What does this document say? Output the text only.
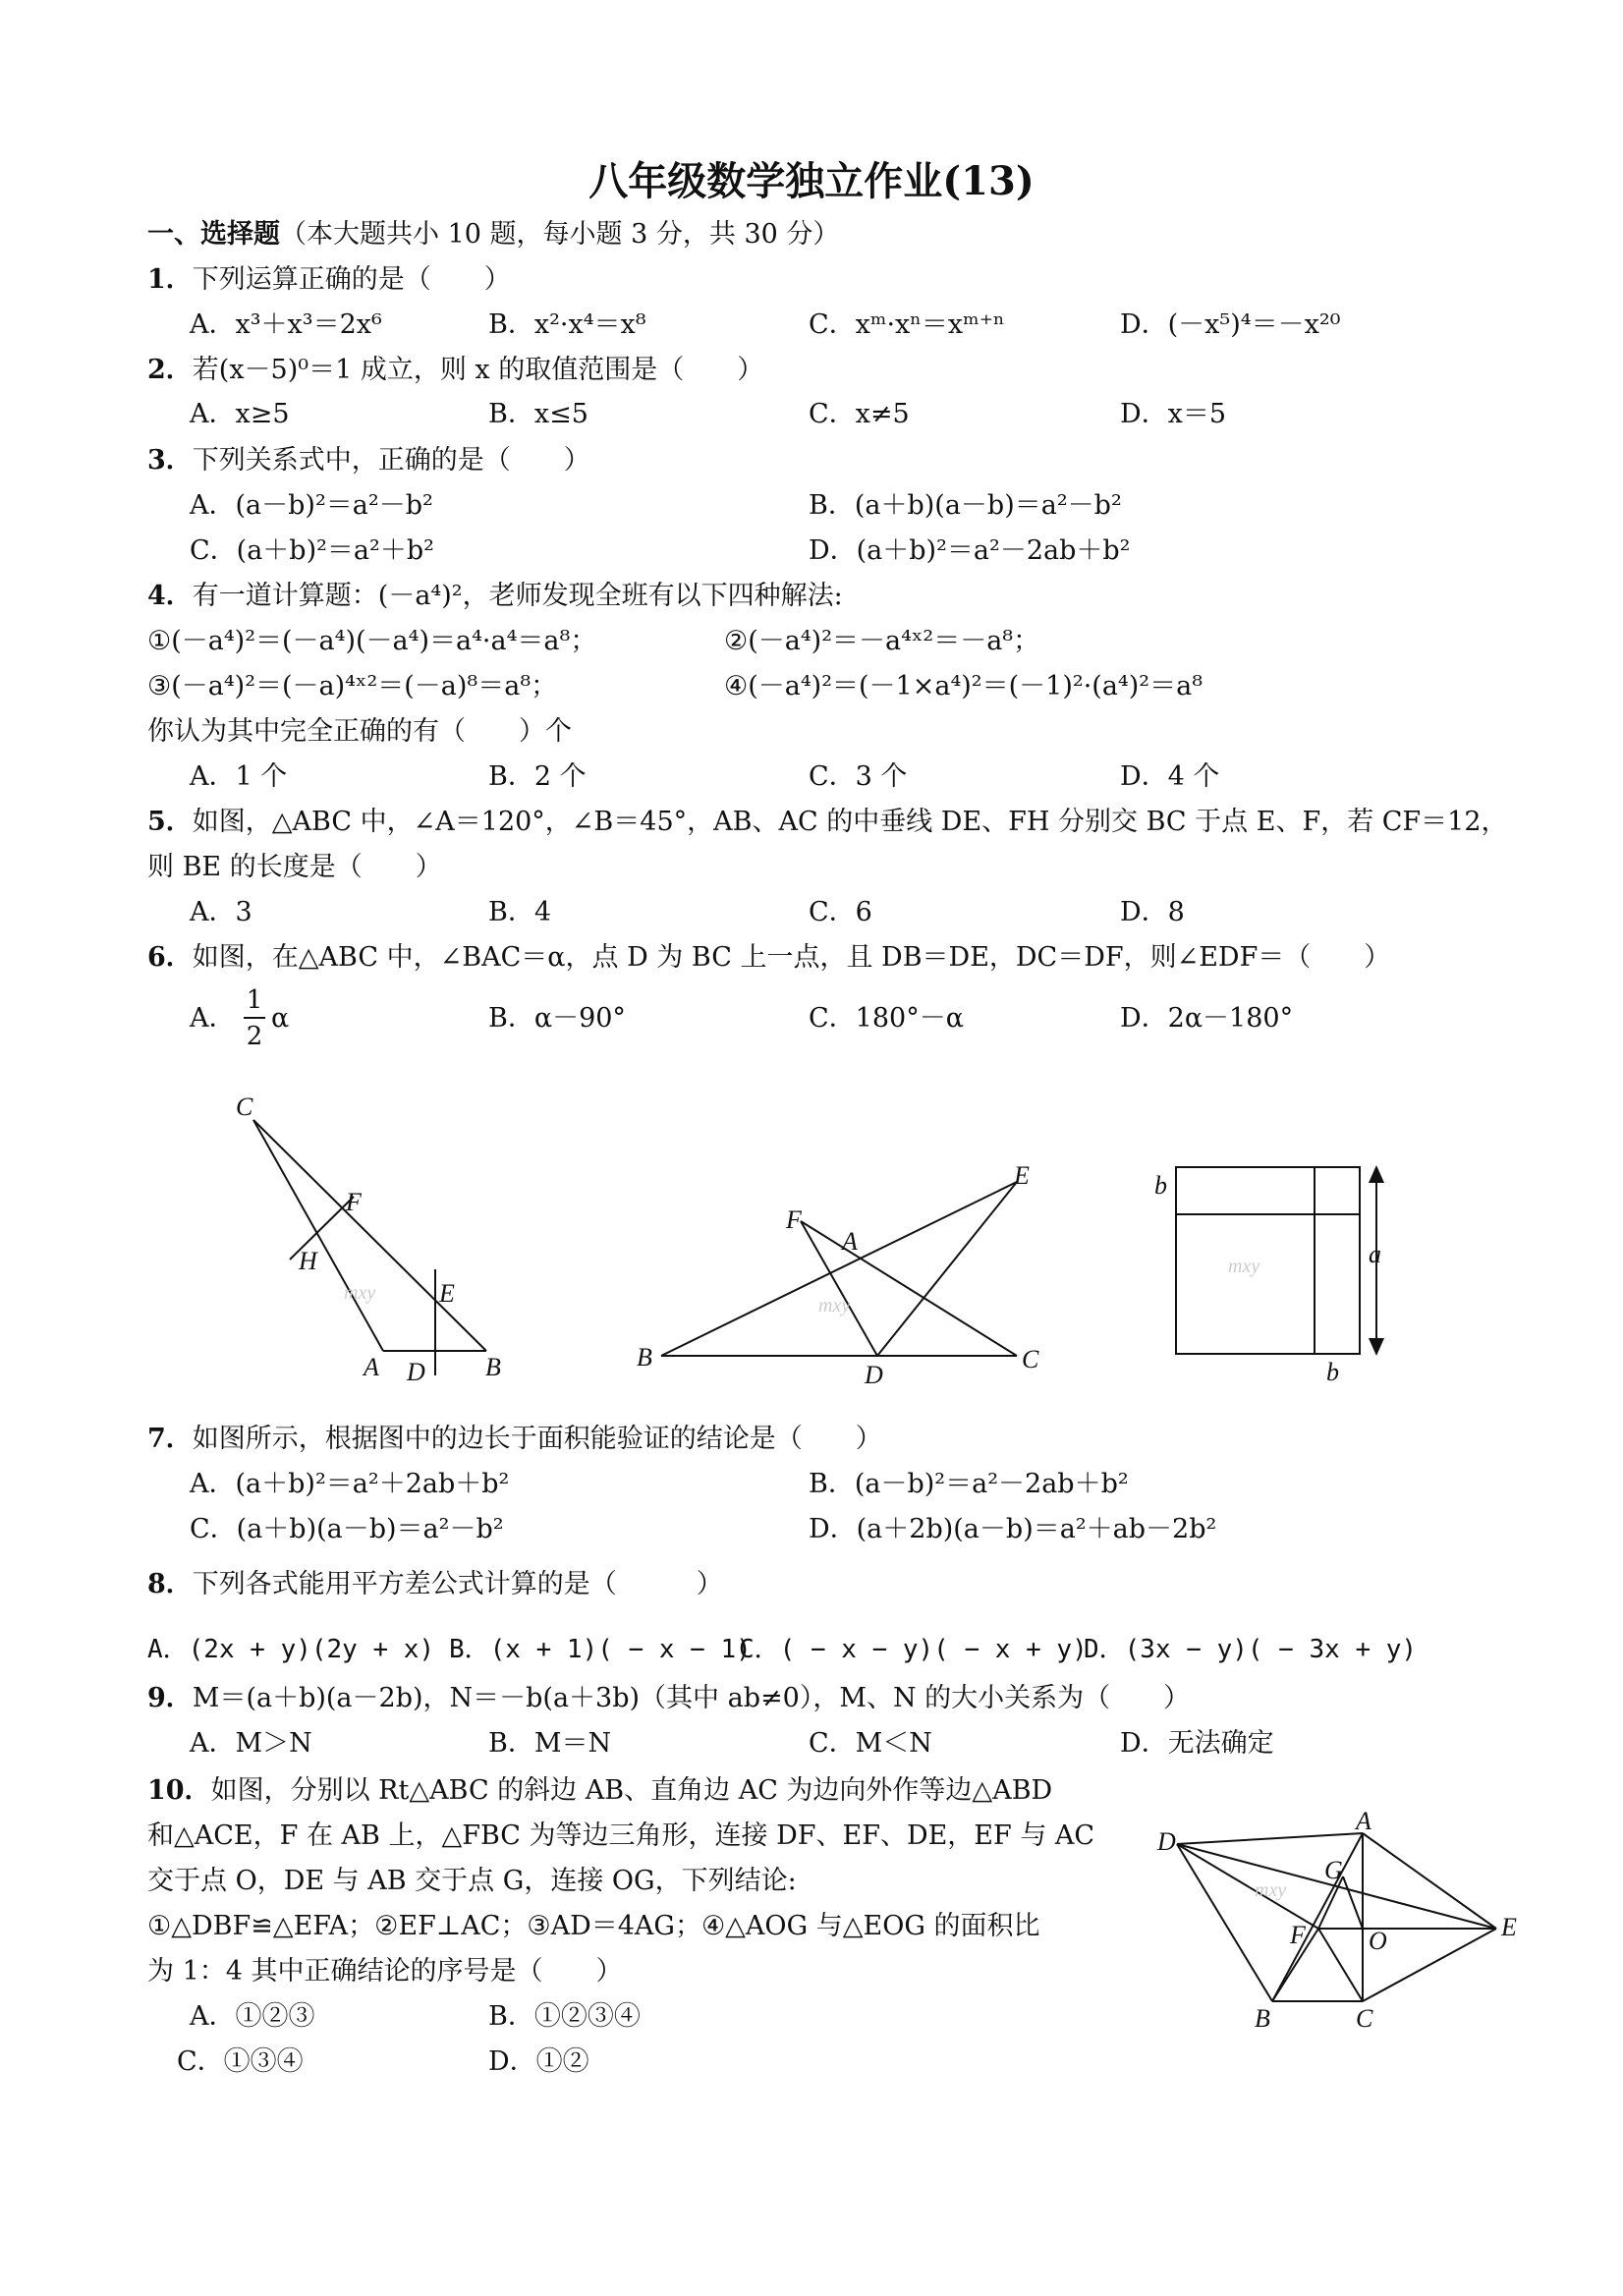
八年级数学独立作业(13)
一、选择题（本大题共小 10 题，每小题 3 分，共 30 分）
1．下列运算正确的是（　　）
A．x³＋x³＝2x⁶	B．x²·x⁴＝x⁸	C．xᵐ·xⁿ＝xᵐ⁺ⁿ	D．(－x⁵)⁴＝－x²⁰
2．若(x－5)⁰＝1 成立，则 x 的取值范围是（　　）
A．x≥5	B．x≤5	C．x≠5	D．x＝5
3．下列关系式中，正确的是（　　）
A．(a－b)²＝a²－b²	B．(a＋b)(a－b)＝a²－b²
C．(a＋b)²＝a²＋b²	D．(a＋b)²＝a²－2ab＋b²
4．有一道计算题：(－a⁴)²，老师发现全班有以下四种解法:
①(－a⁴)²＝(－a⁴)(－a⁴)＝a⁴·a⁴＝a⁸；	②(－a⁴)²＝－a⁴ˣ²＝－a⁸；
③(－a⁴)²＝(－a)⁴ˣ²＝(－a)⁸＝a⁸；	④(－a⁴)²＝(－1×a⁴)²＝(－1)²·(a⁴)²＝a⁸
你认为其中完全正确的有（　　）个
A．1 个	B．2 个	C．3 个	D．4 个
5．如图，△ABC 中，∠A＝120°，∠B＝45°，AB、AC 的中垂线 DE、FH 分别交 BC 于点 E、F，若 CF＝12，
则 BE 的长度是（　　）
A．3	B．4	C．6	D．8
6．如图，在△ABC 中，∠BAC＝α，点 D 为 BC 上一点，且 DB＝DE，DC＝DF，则∠EDF＝（　　）
A．
1
2
α	B．α－90°	C．180°－α	D．2α－180°
C
F
H
E
A D B
mxy
E
F
A
B
D
C
mxy
b
a
b
mxy
D
A
G
E
F O
B	C
mxy
7．如图所示，根据图中的边长于面积能验证的结论是（　　）
A．(a＋b)²＝a²＋2ab＋b²	B．(a－b)²＝a²－2ab＋b²
C．(a＋b)(a－b)＝a²－b²	D．(a＋2b)(a－b)＝a²＋ab－2b²
8．下列各式能用平方差公式计算的是（　　　）
A．(2x + y)(2y + x) B．(x + 1)( − x − 1)
C．( − x − y)( − x + y)
D．(3x − y)( − 3x + y)
9．M＝(a＋b)(a－2b)，N＝－b(a＋3b)（其中 ab≠0），M、N 的大小关系为（　　）
A．M＞N	B．M＝N	C．M＜N	D．无法确定
10．如图，分别以 Rt△ABC 的斜边 AB、直角边 AC 为边向外作等边△ABD
和△ACE，F 在 AB 上，△FBC 为等边三角形，连接 DF、EF、DE，EF 与 AC
交于点 O，DE 与 AB 交于点 G，连接 OG，下列结论:
①△DBF≌△EFA；②EF⊥AC；③AD＝4AG；④△AOG 与△EOG 的面积比
为 1：4 其中正确结论的序号是（　　）
A．①②③	B．①②③④
C．①③④	D．①②
